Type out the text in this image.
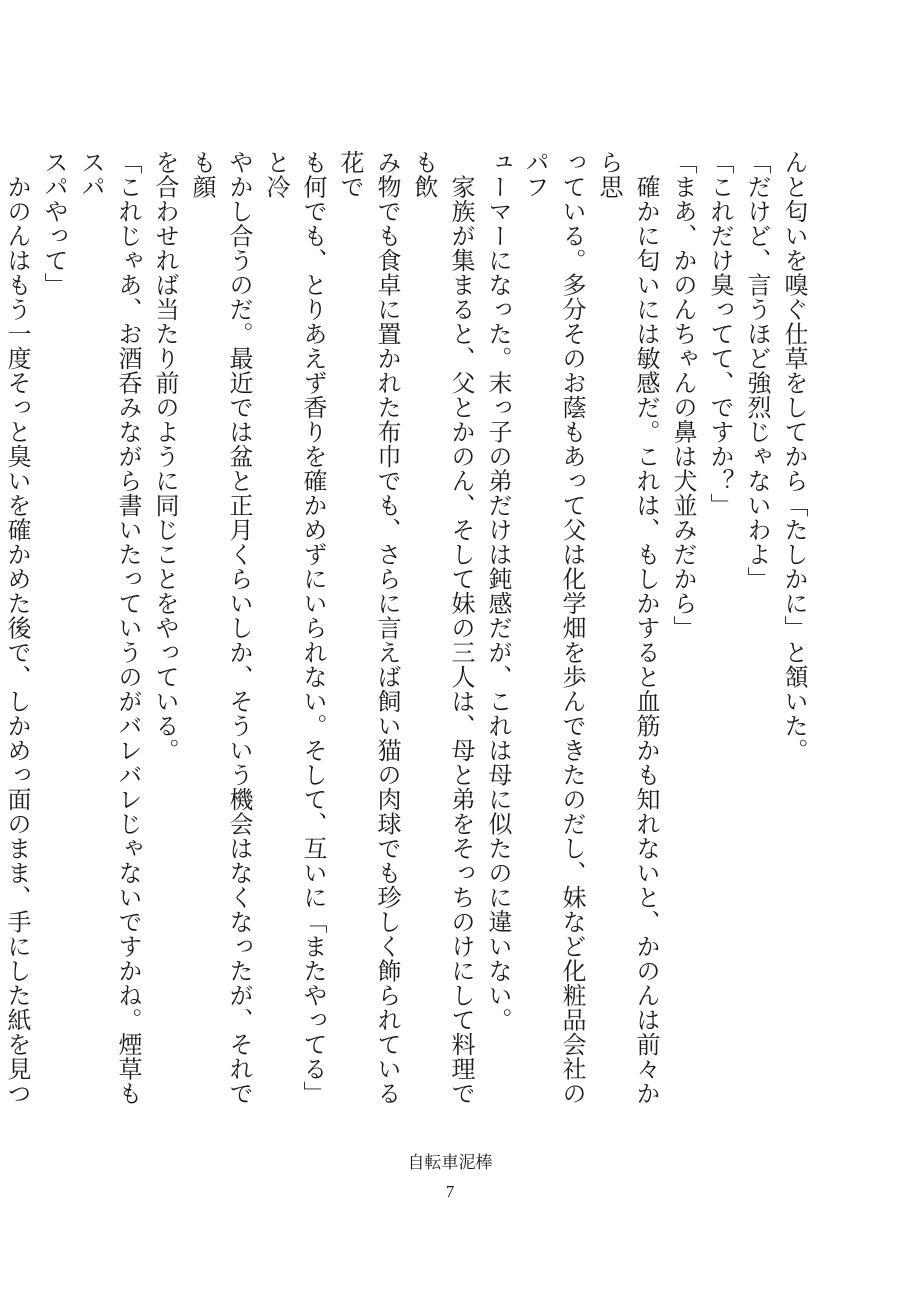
んと匂いを嗅ぐ仕草をしてから「たしかに」と頷いた。

「だけど、言うほど強烈じゃないわよ」

「これだけ臭ってて、ですか？」

「まあ、かのんちゃんの鼻は犬並みだから」

　確かに匂いには敏感だ。これは、もしかすると血筋かも知れないと、かのんは前々から思

っている。多分そのお蔭もあって父は化学畑を歩んできたのだし、妹など化粧品会社のパフ

ューマーになった。末っ子の弟だけは鈍感だが、これは母に似たのに違いない。

　家族が集まると、父とかのん、そして妹の三人は、母と弟をそっちのけにして料理でも飲

み物でも食卓に置かれた布巾でも、さらに言えば飼い猫の肉球でも珍しく飾られている花で

も何でも、とりあえず香りを確かめずにいられない。そして、互いに「またやってる」と冷

やかし合うのだ。最近では盆と正月くらいしか、そういう機会はなくなったが、それでも顔

を合わせれば当たり前のように同じことをやっている。

「これじゃあ、お酒呑みながら書いたっていうのがバレバレじゃないですかね。煙草もスパ

スパやって」

　かのんはもう一度そっと臭いを確かめた後で、しかめっ面のまま、手にした紙を見つ

自転車泥棒
7
